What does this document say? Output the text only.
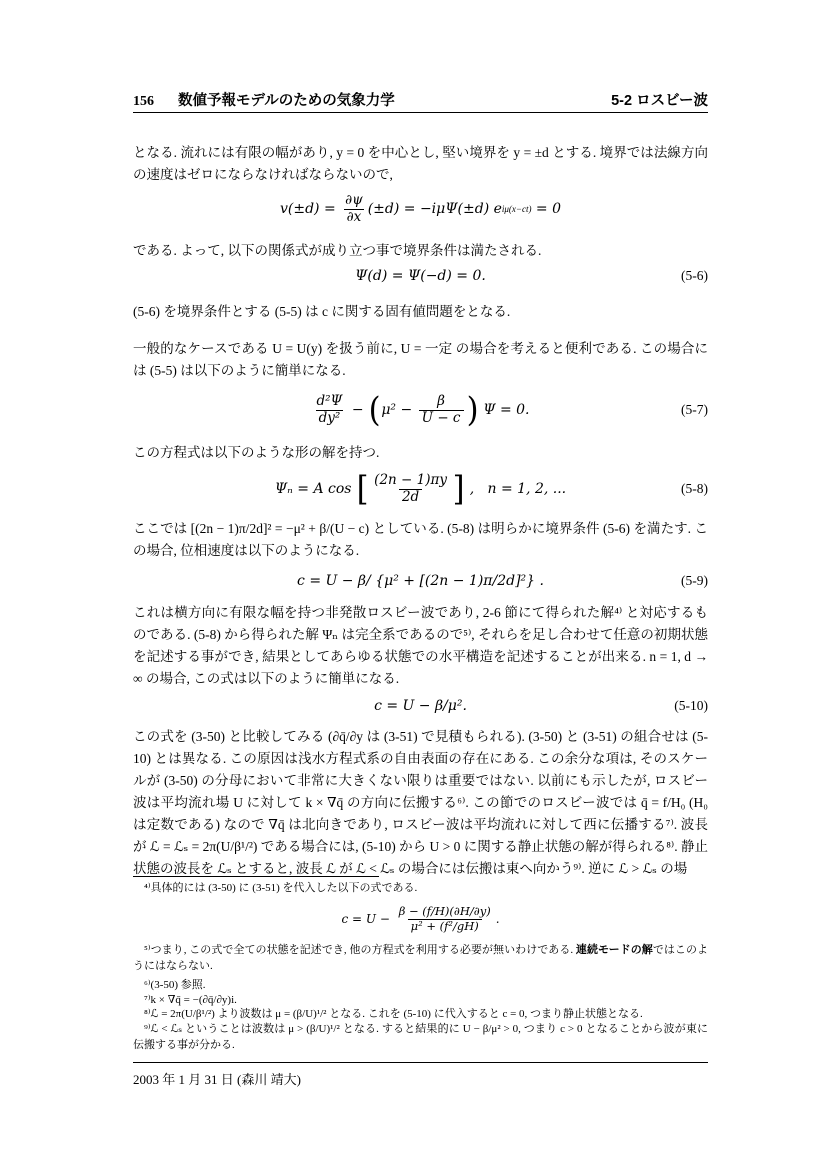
156 数値予報モデルのための気象力学	5-2 ロスビー波
となる. 流れには有限の幅があり, y = 0 を中心とし, 堅い境界を y = ±d とする. 境界では法線方向の速度はゼロにならなければならないので,
$v(\pm d) = \frac{\partial\psi}{\partial x} (\pm d) = -i\mu\Psi(\pm d)$ e iμ(x−ct) = 0
である. よって, 以下の関係式が成り立つ事で境界条件は満たされる.
Ψ(d) = Ψ(−d) = 0.	(5-6)
(5-6) を境界条件とする (5-5) は c に関する固有値問題をとなる.
一般的なケースである U = U(y) を扱う前に, U = 一定 の場合を考えると便利である. この場合には (5-5) は以下のように簡単になる.
$\frac{\text{d²Ψ}}{\text{dy²}}$ − ( $\mu^2 - \frac{\beta}{U - c}$ ) Ψ = 0.	(5-7)
この方程式は以下のような形の解を持つ.
Ψₙ = A cos [ $\frac{(2n - 1)\pi y}{2d}$ ] ,   n = 1, 2, ...	(5-8)
ここでは [(2n − 1)π/2d]² = −μ² + β/(U − c) としている. (5-8) は明らかに境界条件 (5-6) を満たす. この場合, 位相速度は以下のようになる.
c = U − β/ {μ² + [(2n − 1)π/2d]²} .	(5-9)
これは横方向に有限な幅を持つ非発散ロスビー波であり, 2-6 節にて得られた解⁴⁾ と対応するものである. (5-8) から得られた解 Ψₙ は完全系であるので⁵⁾, それらを足し合わせて任意の初期状態を記述する事ができ, 結果としてあらゆる状態での水平構造を記述することが出来る. n = 1, d → ∞ の場合, この式は以下のように簡単になる.
c = U − β/μ².	(5-10)
この式を (3-50) と比較してみる (∂q̄/∂y は (3-51) で見積もられる). (3-50) と (3-51) の組合せは (5-10) とは異なる. この原因は浅水方程式系の自由表面の存在にある. この余分な項は, そのスケールが (3-50) の分母において非常に大きくない限りは重要ではない. 以前にも示したが, ロスビー波は平均流れ場 U に対して k × ∇q̄ の方向に伝搬する⁶⁾. この節でのロスビー波では q̄ = f/H₀ (H₀ は定数である) なので ∇q̄ は北向きであり, ロスビー波は平均流れに対して西に伝播する⁷⁾. 波長が ℒ = ℒₛ = 2π(U/β¹/²) である場合には, (5-10) から U > 0 に関する静止状態の解が得られる⁸⁾. 静止状態の波長を ℒₛ とすると, 波長 ℒ が ℒ < ℒₛ の場合には伝搬は東へ向かう⁹⁾. 逆に ℒ > ℒₛ の場
⁴⁾具体的には (3-50) に (3-51) を代入した以下の式である.
$c = U - \frac{\beta - (f/H)(\partial H/\partial y)}{\text{μ² + (f²/gH)}}$ .
⁵⁾つまり, この式で全ての状態を記述でき, 他の方程式を利用する必要が無いわけである. 連続モードの解ではこのようにはならない.
⁶⁾(3-50) 参照.
⁷⁾k × ∇q̄ = −(∂q̄/∂y)i.
⁸⁾ℒ = 2π(U/β¹/²) より波数は μ = (β/U)¹/² となる. これを (5-10) に代入すると c = 0, つまり静止状態となる.
⁹⁾ℒ < ℒₛ ということは波数は μ > (β/U)¹/² となる. すると結果的に U − β/μ² > 0, つまり c > 0 となることから波が東に伝搬する事が分かる.
2003 年 1 月 31 日 (森川 靖大)
